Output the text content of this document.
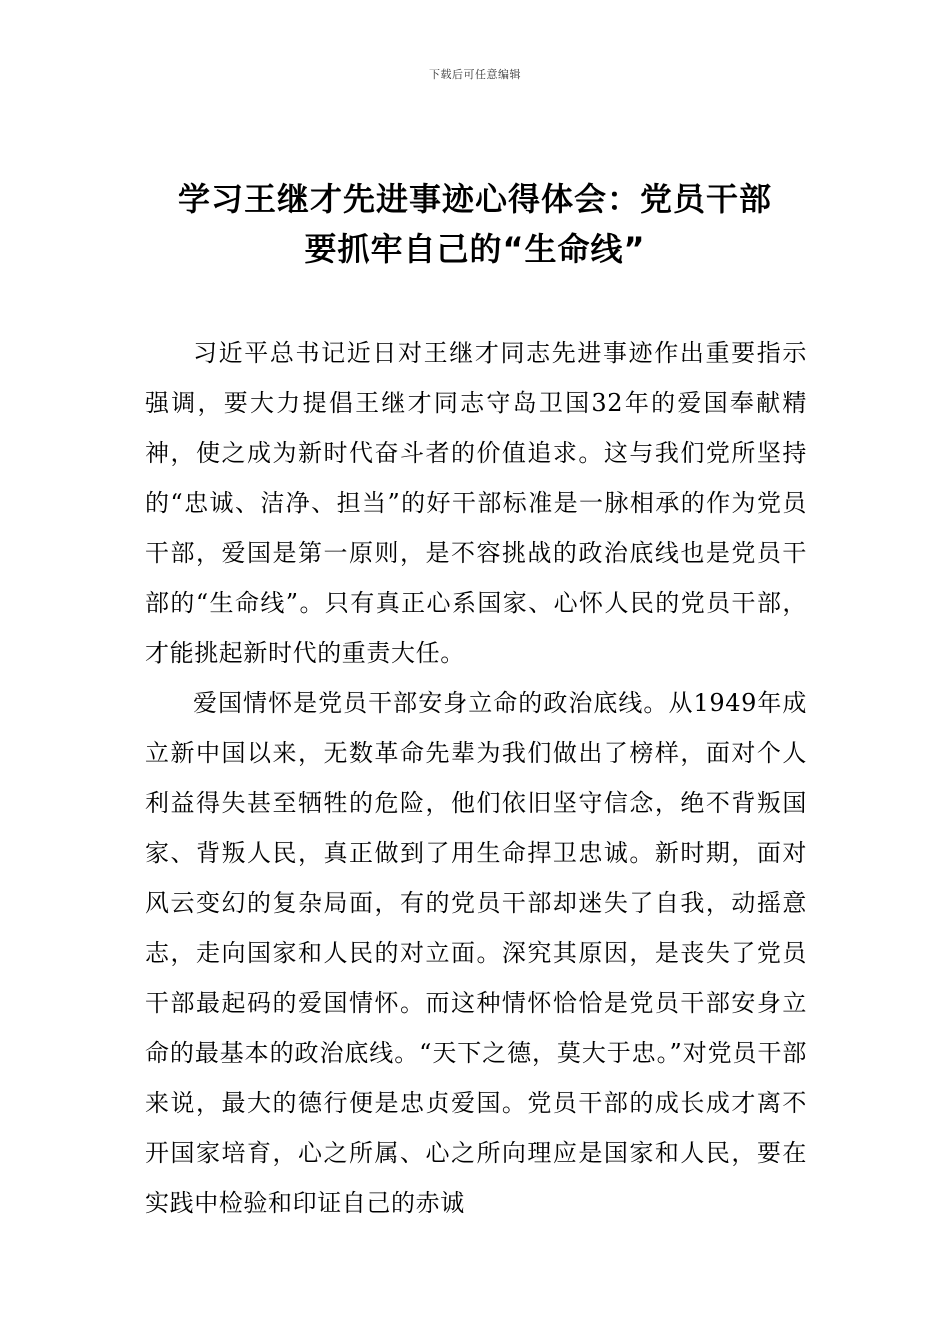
下载后可任意编辑
学习王继才先进事迹心得体会：党员干部
要抓牢自己的“生命线”

习近平总书记近日对王继才同志先进事迹作出重要指示强调，要大力提倡王继才同志守岛卫国32年的爱国奉献精神，使之成为新时代奋斗者的价值追求。这与我们党所坚持的“忠诚、洁净、担当”的好干部标准是一脉相承的作为党员干部，爱国是第一原则，是不容挑战的政治底线也是党员干部的“生命线”。只有真正心系国家、心怀人民的党员干部，才能挑起新时代的重责大任。

爱国情怀是党员干部安身立命的政治底线。从1949年成立新中国以来，无数革命先辈为我们做出了榜样，面对个人利益得失甚至牺牲的危险，他们依旧坚守信念，绝不背叛国家、背叛人民，真正做到了用生命捍卫忠诚。新时期，面对风云变幻的复杂局面，有的党员干部却迷失了自我，动摇意志，走向国家和人民的对立面。深究其原因，是丧失了党员干部最起码的爱国情怀。而这种情怀恰恰是党员干部安身立命的最基本的政治底线。“天下之德，莫大于忠。”对党员干部来说，最大的德行便是忠贞爱国。党员干部的成长成才离不开国家培育，心之所属、心之所向理应是国家和人民，要在实践中检验和印证自己的赤诚
